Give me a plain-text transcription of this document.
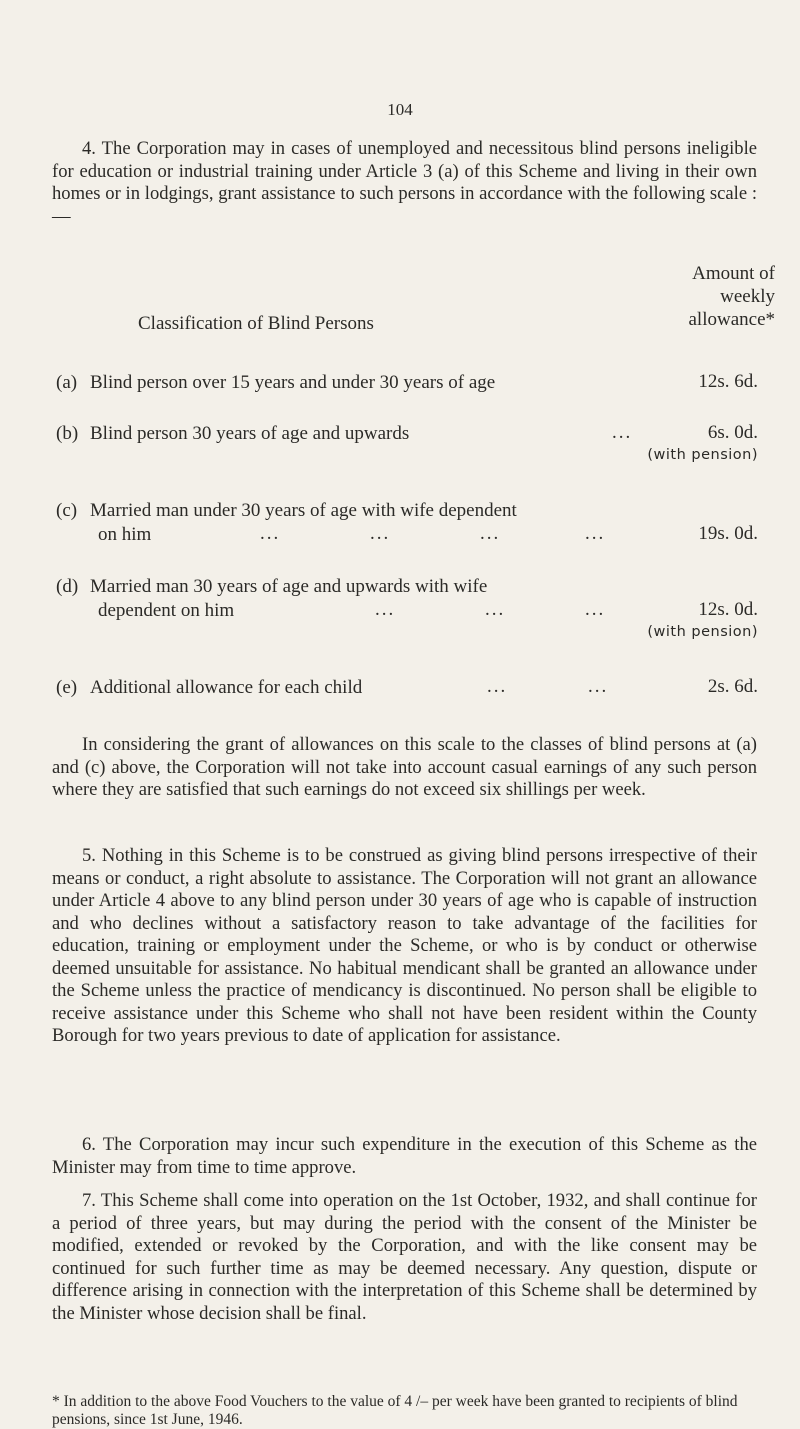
104

4. The Corporation may in cases of unemployed and necessitous blind persons ineligible for education or industrial training under Article 3 (a) of this Scheme and living in their own homes or in lodgings, grant assistance to such persons in accordance with the following scale :—

Amount of
weekly
allowance*
Classification of Blind Persons
(a) Blind person over 15 years and under 30 years of age	12s. 6d.
(b) Blind person 30 years of age and upwards	...	6s. 0d.
(with pension)
(c) Married man under 30 years of age with wife dependent
on him	...	...	...	...	19s. 0d.
(d) Married man 30 years of age and upwards with wife
dependent on him	...	...	...	12s. 0d.
(with pension)
(e) Additional allowance for each child	...	...	2s. 6d.

In considering the grant of allowances on this scale to the classes of blind persons at (a) and (c) above, the Corporation will not take into account casual earnings of any such person where they are satisfied that such earnings do not exceed six shillings per week.

5. Nothing in this Scheme is to be construed as giving blind persons irrespective of their means or conduct, a right absolute to assistance. The Corporation will not grant an allowance under Article 4 above to any blind person under 30 years of age who is capable of instruction and who declines without a satisfactory reason to take advantage of the facilities for education, training or employment under the Scheme, or who is by conduct or otherwise deemed unsuitable for assistance. No habitual mendicant shall be granted an allowance under the Scheme unless the practice of mendicancy is discontinued. No person shall be eligible to receive assistance under this Scheme who shall not have been resident within the County Borough for two years previous to date of application for assistance.

6. The Corporation may incur such expenditure in the execution of this Scheme as the Minister may from time to time approve.

7. This Scheme shall come into operation on the 1st October, 1932, and shall continue for a period of three years, but may during the period with the consent of the Minister be modified, extended or revoked by the Corporation, and with the like consent may be continued for such further time as may be deemed necessary. Any question, dispute or difference arising in connection with the interpretation of this Scheme shall be determined by the Minister whose decision shall be final.

* In addition to the above Food Vouchers to the value of 4 /– per week have been granted to recipients of blind pensions, since 1st June, 1946.
